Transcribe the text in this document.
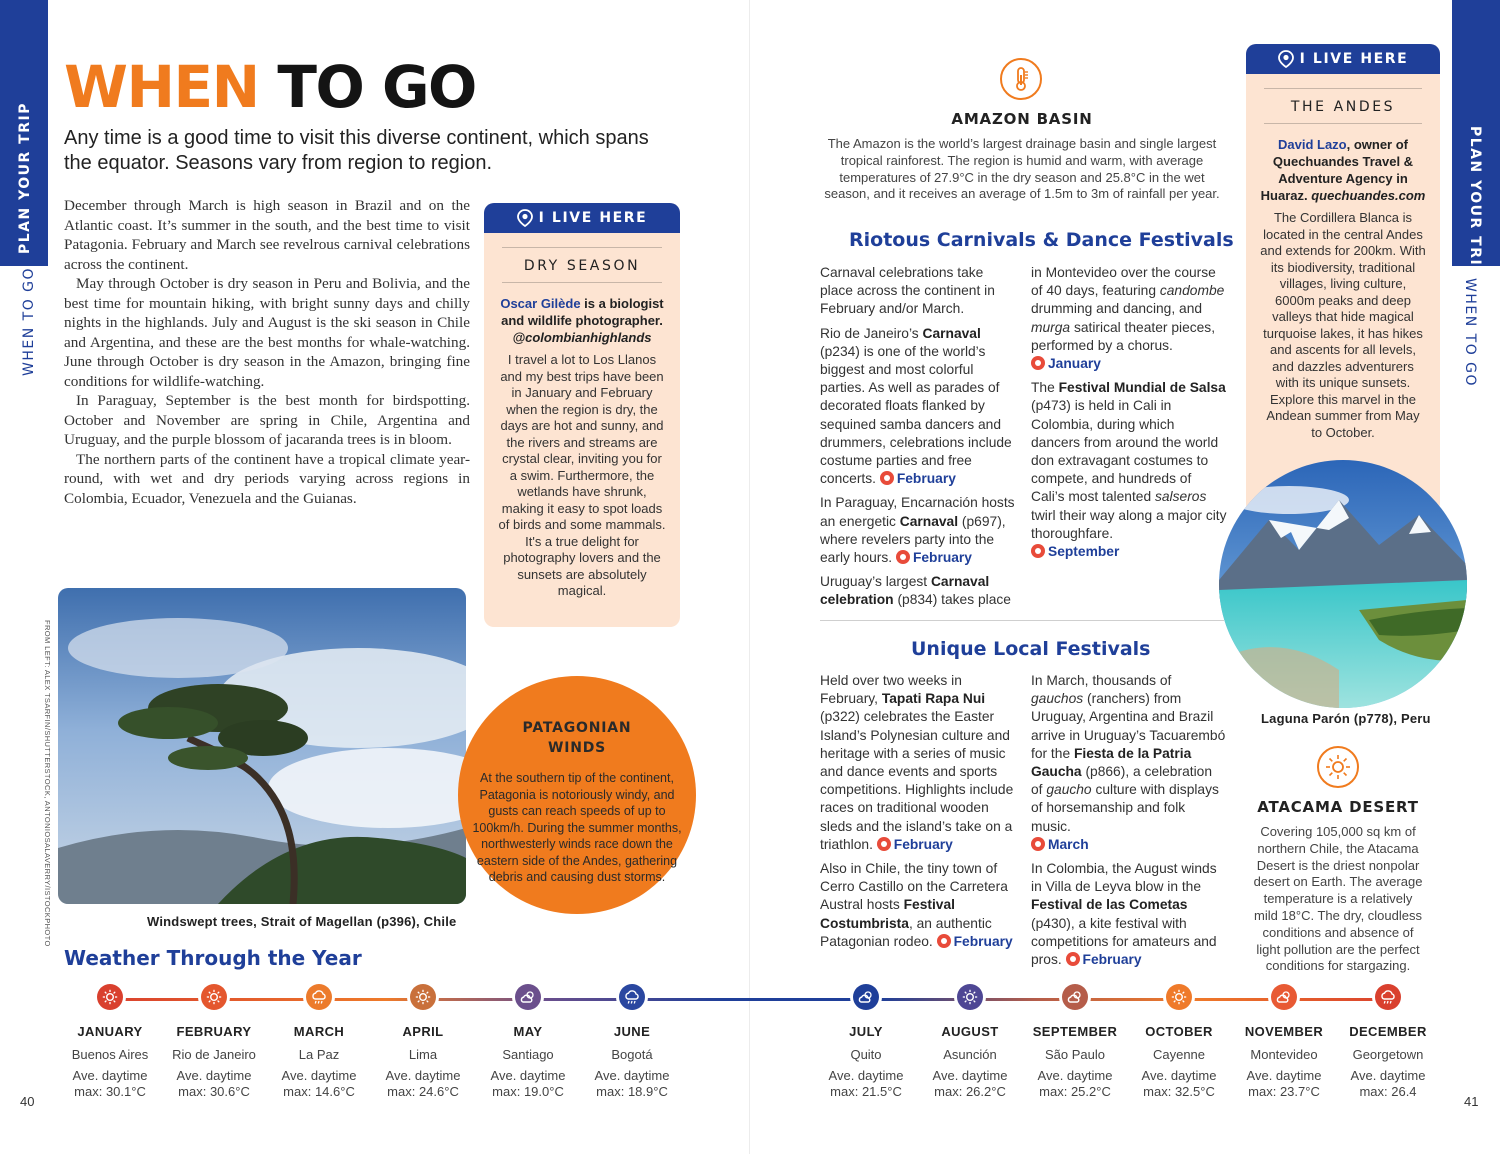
PLAN YOUR TRIP
WHEN TO GO
WHEN TO GO
Any time is a good time to visit this diverse continent, which spans the equator. Seasons vary from region to region.

December through March is high season in Brazil and on the Atlantic coast. It’s summer in the south, and the best time to visit Patagonia. February and March see revelrous carnival celebrations across the continent.

May through October is dry season in Peru and Bolivia, and the best time for mountain hiking, with bright sunny days and chilly nights in the highlands. July and August is the ski season in Chile and Argentina, and these are the best months for whale-watching. June through October is dry season in the Amazon, bringing fine conditions for wildlife-watching.

In Paraguay, September is the best month for birdspotting. October and November are spring in Chile, Argentina and Uruguay, and the purple blossom of jacaranda trees is in bloom.

The northern parts of the continent have a tropical climate year-round, with wet and dry periods varying across regions in Colombia, Ecuador, Venezuela and the Guianas.

I LIVE HERE
DRY SEASON
Oscar Gilède is a biologist and wildlife photographer. @colombianhighlands
I travel a lot to Los Llanos and my best trips have been in January and February when the region is dry, the days are hot and sunny, and the rivers and streams are crystal clear, inviting you for a swim. Furthermore, the wetlands have shrunk, making it easy to spot loads of birds and some mammals. It's a true delight for photography lovers and the sunsets are absolutely magical.
Windswept trees, Strait of Magellan (p396), Chile
FROM LEFT: ALEX TSARFIN/SHUTTERSTOCK, ANTONIOSALAVERRY/ISTOCKPHOTO	PATAGONIAN
WINDS
At the southern tip of the continent, Patagonia is notoriously windy, and gusts can reach speeds of up to 100km/h. During the summer months, northwesterly winds race down the eastern side of the Andes, gathering debris and causing dust storms.
Weather Through the Year
JANUARY
Buenos Aires
Ave. daytime
max: 30.1°C
FEBRUARY
Rio de Janeiro
Ave. daytime
max: 30.6°C
MARCH
La Paz
Ave. daytime
max: 14.6°C
APRIL
Lima
Ave. daytime
max: 24.6°C
MAY
Santiago
Ave. daytime
max: 19.0°C
JUNE
Bogotá
Ave. daytime
max: 18.9°C
JULY
Quito
Ave. daytime
max: 21.5°C
AUGUST
Asunción
Ave. daytime
max: 26.2°C
SEPTEMBER
São Paulo
Ave. daytime
max: 25.2°C
OCTOBER
Cayenne
Ave. daytime
max: 32.5°C
NOVEMBER
Montevideo
Ave. daytime
max: 23.7°C
DECEMBER
Georgetown
Ave. daytime
max: 26.4
40	41
PLAN YOUR TRIP
WHEN TO GO
AMAZON BASIN
The Amazon is the world’s largest drainage basin and single largest tropical rainforest. The region is humid and warm, with average temperatures of 27.9°C in the dry season and 25.8°C in the wet season, and it receives an average of 1.5m to 3m of rainfall per year.
Riotous Carnivals & Dance Festivals

Carnaval celebrations take place across the continent in February and/or March.

Rio de Janeiro’s Carnaval (p234) is one of the world’s biggest and most colorful parties. As well as parades of decorated floats flanked by sequined samba dancers and drummers, celebrations include costume parties and free concerts. February

In Paraguay, Encarnación hosts an energetic Carnaval (p697), where revelers party into the early hours. February

Uruguay’s largest Carnaval celebration (p834) takes place

in Montevideo over the course of 40 days, featuring candombe drumming and dancing, and murga satirical theater pieces, performed by a chorus.
January

The Festival Mundial de Salsa (p473) is held in Cali in Colombia, during which dancers from around the world don extravagant costumes to compete, and hundreds of Cali’s most talented salseros twirl their way along a major city thoroughfare.
September

Unique Local Festivals

Held over two weeks in February, Tapati Rapa Nui (p322) celebrates the Easter Island’s Polynesian culture and heritage with a series of music and dance events and sports competitions. Highlights include races on traditional wooden sleds and the island’s take on a triathlon. February

Also in Chile, the tiny town of Cerro Castillo on the Carretera Austral hosts Festival Costumbrista, an authentic Patagonian rodeo. February

In March, thousands of gauchos (ranchers) from Uruguay, Argentina and Brazil arrive in Uruguay’s Tacuarembó for the Fiesta de la Patria Gaucha (p866), a celebration of gaucho culture with displays of horsemanship and folk music.
March

In Colombia, the August winds in Villa de Leyva blow in the Festival de las Cometas (p430), a kite festival with competitions for amateurs and pros. February

I LIVE HERE
THE ANDES
David Lazo, owner of Quechuandes Travel & Adventure Agency in Huaraz. quechuandes.com
The Cordillera Blanca is located in the central Andes and extends for 200km. With its biodiversity, traditional villages, living culture, 6000m peaks and deep valleys that hide magical turquoise lakes, it has hikes and ascents for all levels, and dazzles adventurers with its unique sunsets. Explore this marvel in the Andean summer from May to October.
Laguna Parón (p778), Peru
ATACAMA DESERT
Covering 105,000 sq km of northern Chile, the Atacama Desert is the driest nonpolar desert on Earth. The average temperature is a relatively mild 18°C. The dry, cloudless conditions and absence of light pollution are the perfect conditions for stargazing.
